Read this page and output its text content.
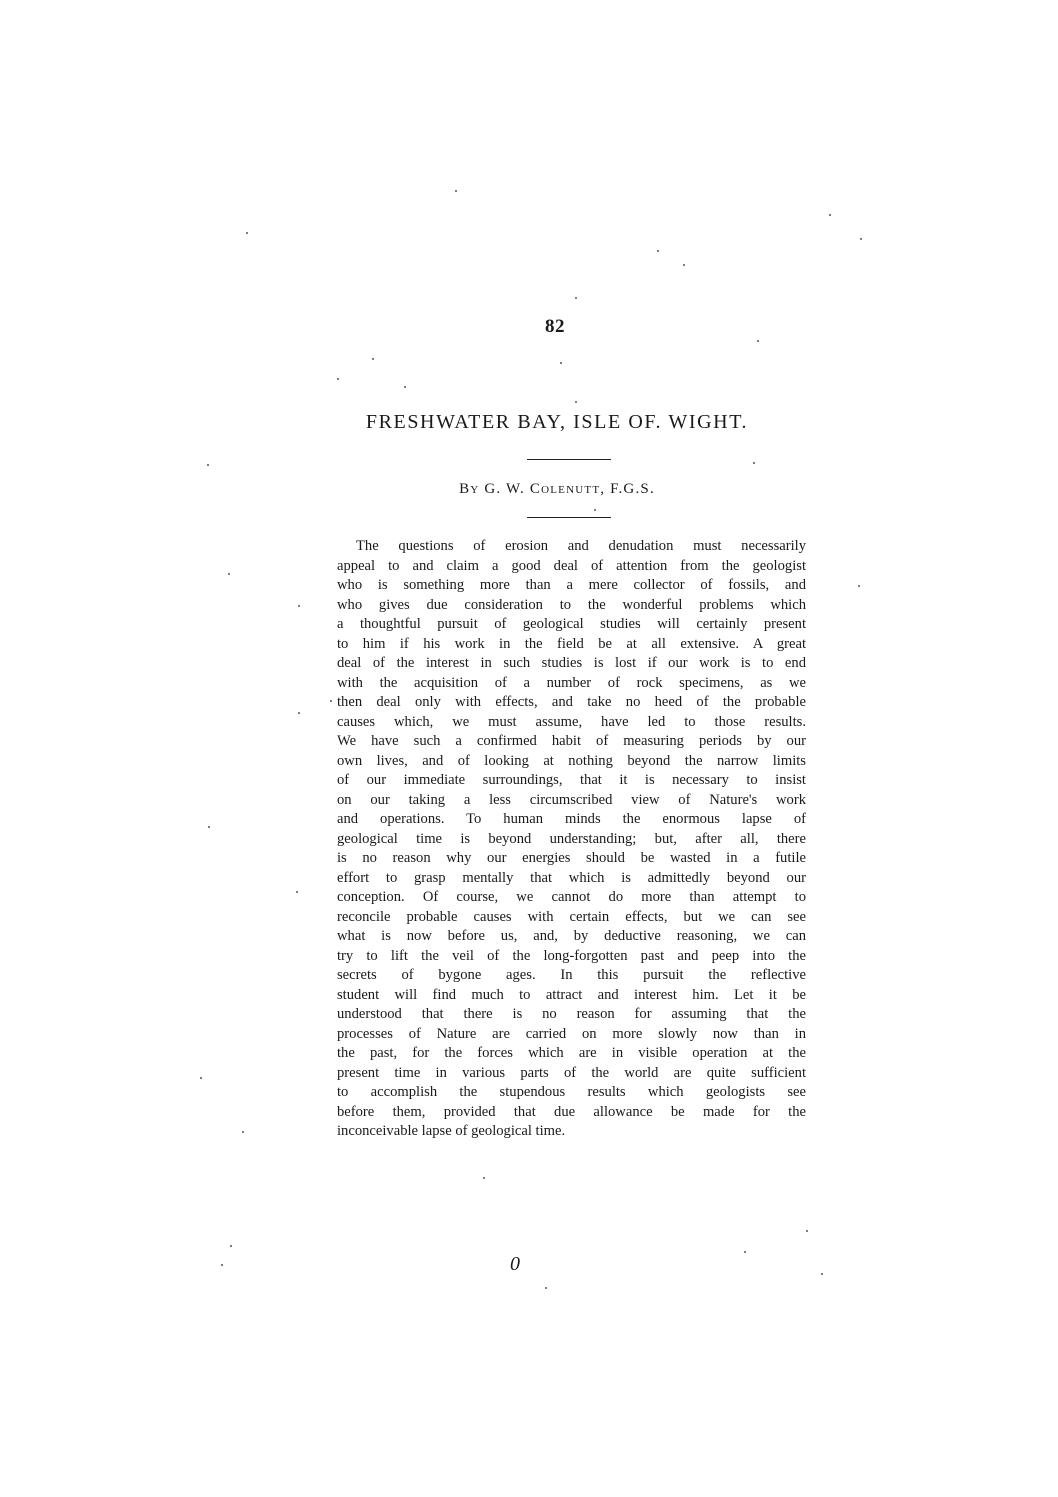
82
FRESHWATER BAY, ISLE OF. WIGHT.
By G. W. Colenutt, F.G.S.
The questions of erosion and denudation must necessarily
appeal to and claim a good deal of attention from the geologist
who is something more than a mere collector of fossils, and
who gives due consideration to the wonderful problems which
a thoughtful pursuit of geological studies will certainly present
to him if his work in the field be at all extensive. A great
deal of the interest in such studies is lost if our work is to end
with the acquisition of a number of rock specimens, as we
then deal only with effects, and take no heed of the probable
causes which, we must assume, have led to those results.
We have such a confirmed habit of measuring periods by our
own lives, and of looking at nothing beyond the narrow limits
of our immediate surroundings, that it is necessary to insist
on our taking a less circumscribed view of Nature's work
and operations. To human minds the enormous lapse of
geological time is beyond understanding; but, after all, there
is no reason why our energies should be wasted in a futile
effort to grasp mentally that which is admittedly beyond our
conception. Of course, we cannot do more than attempt to
reconcile probable causes with certain effects, but we can see
what is now before us, and, by deductive reasoning, we can
try to lift the veil of the long-forgotten past and peep into the
secrets of bygone ages. In this pursuit the reflective
student will find much to attract and interest him. Let it be
understood that there is no reason for assuming that the
processes of Nature are carried on more slowly now than in
the past, for the forces which are in visible operation at the
present time in various parts of the world are quite sufficient
to accomplish the stupendous results which geologists see
before them, provided that due allowance be made for the
inconceivable lapse of geological time.
0
